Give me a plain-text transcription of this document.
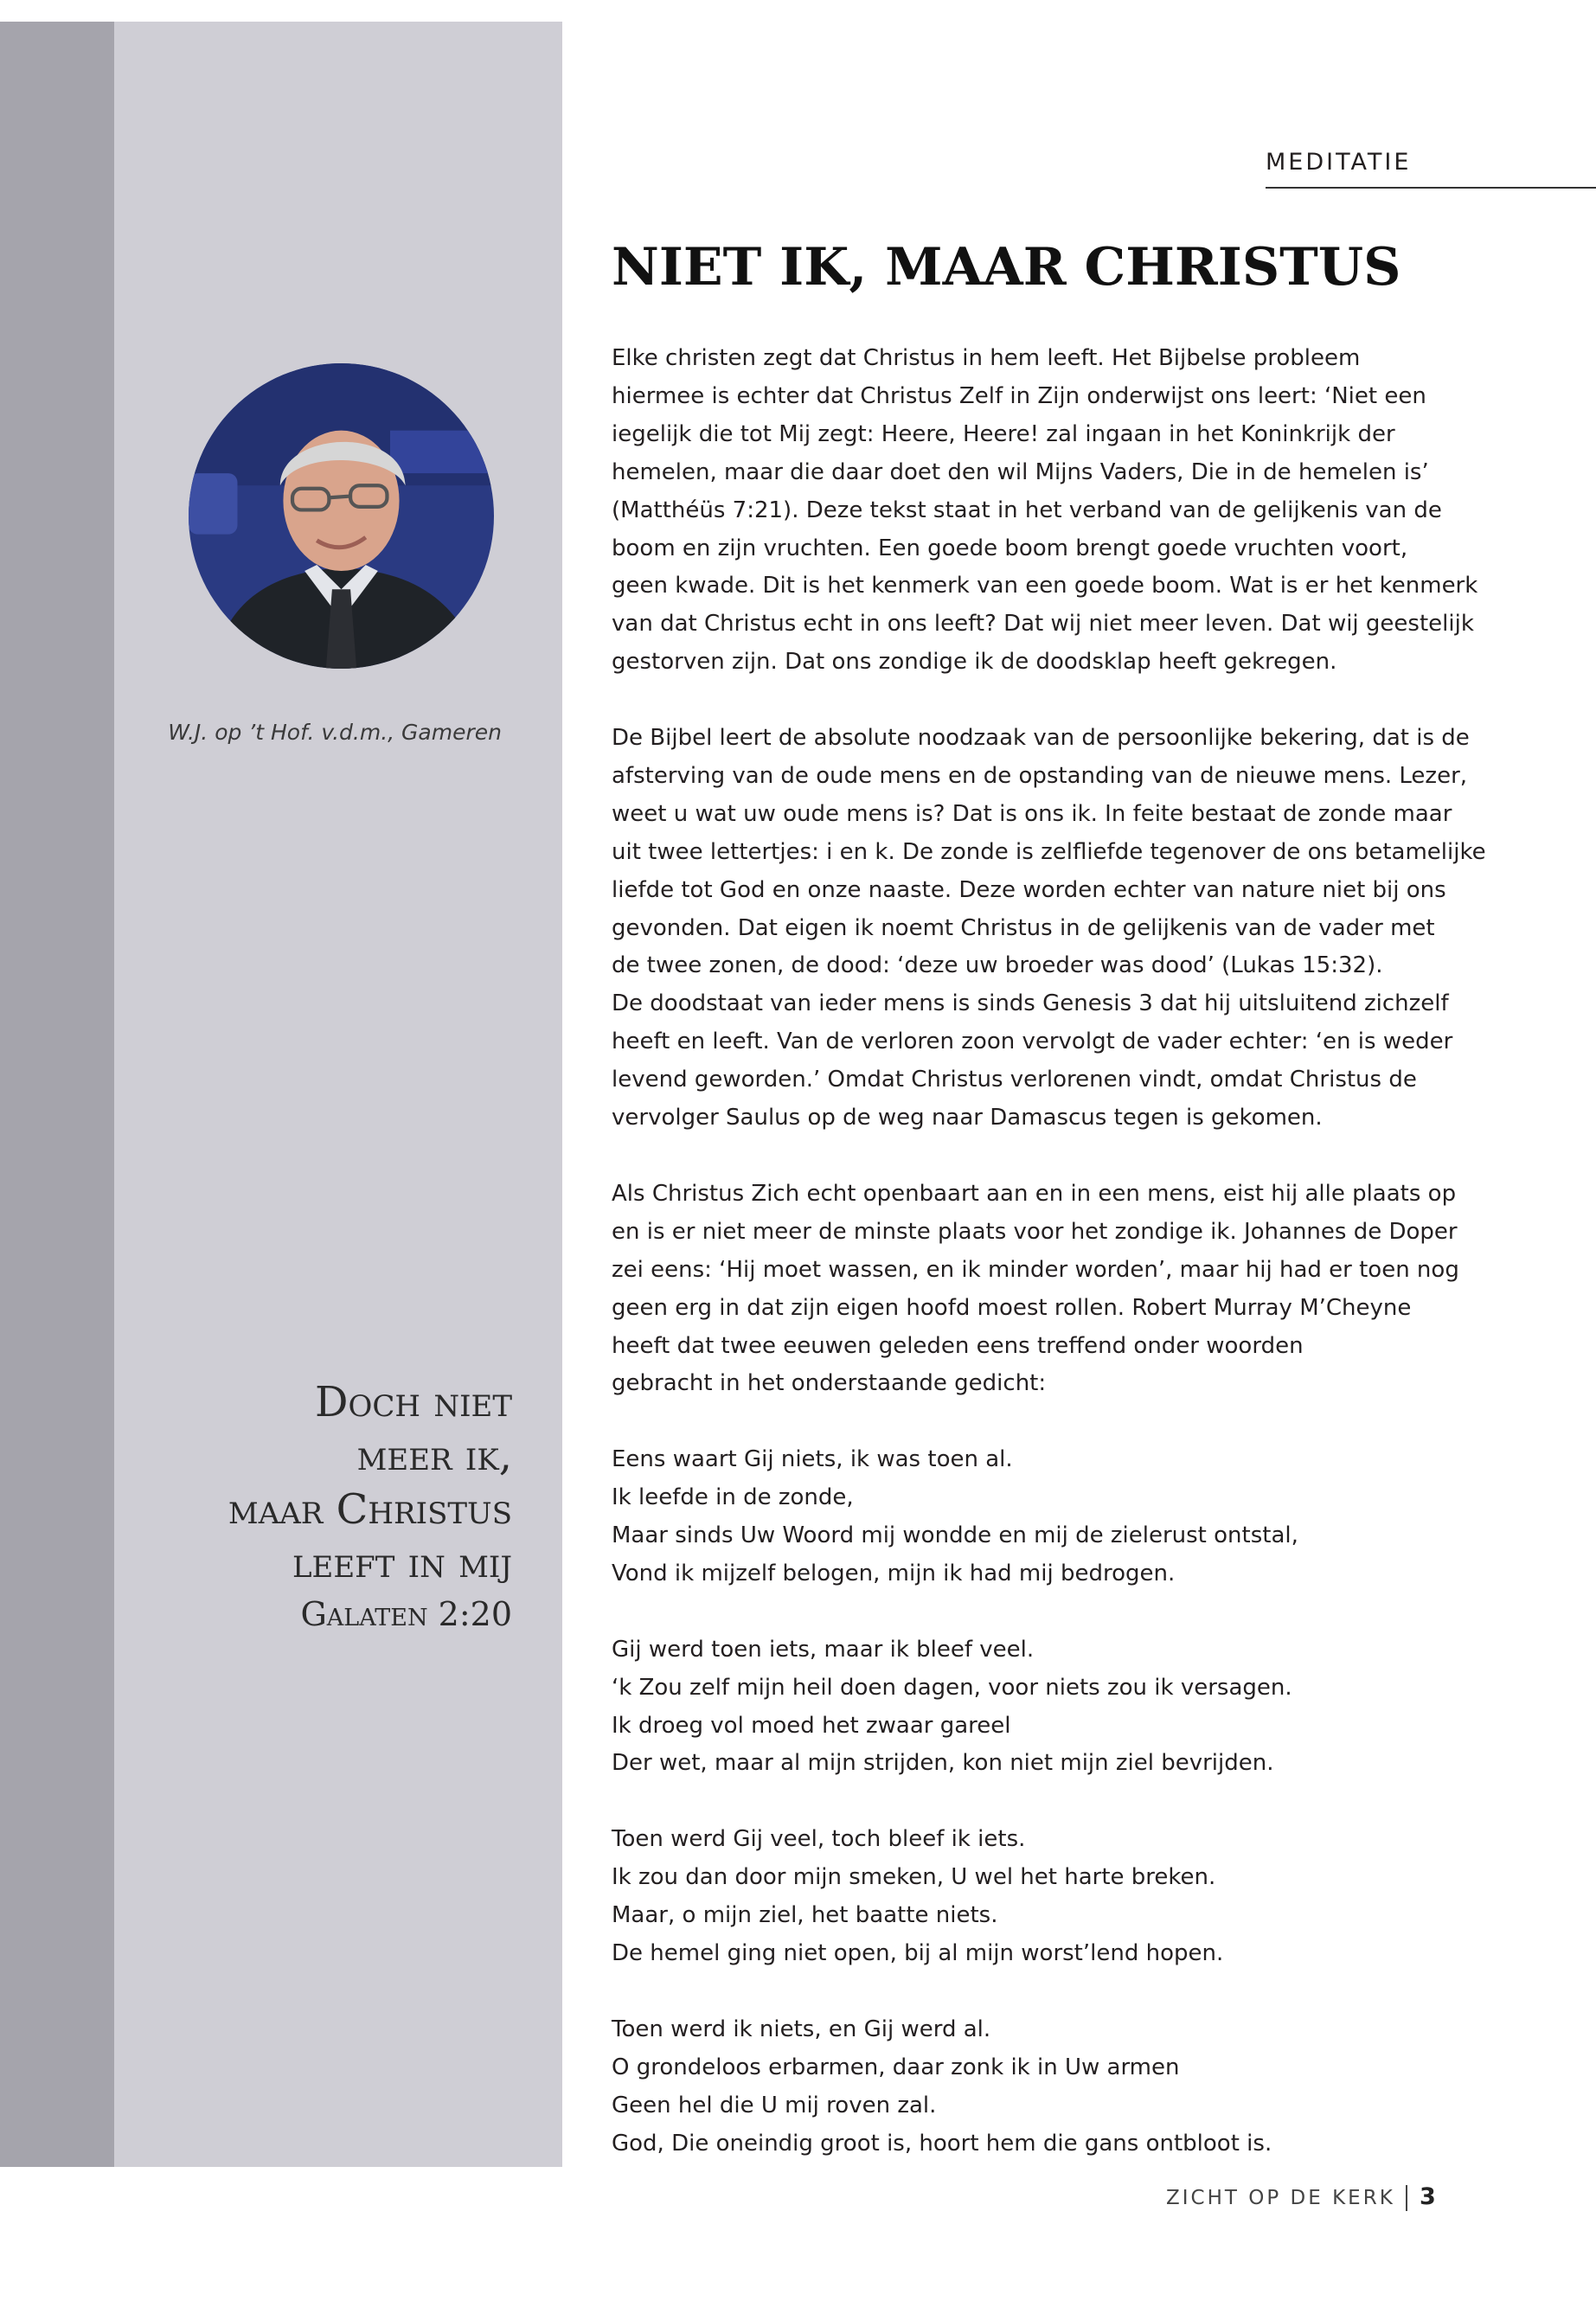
MEDITATIE
NIET IK, MAAR CHRISTUS
W.J. op ’t Hof. v.d.m., Gameren
Doch niet
meer ik,
maar Christus
leeft in mij
Galaten 2:20
Elke christen zegt dat Christus in hem leeft. Het Bijbelse probleem
hiermee is echter dat Christus Zelf in Zijn onderwijst ons leert: ‘Niet een
iegelijk die tot Mij zegt: Heere, Heere! zal ingaan in het Koninkrijk der
hemelen, maar die daar doet den wil Mijns Vaders, Die in de hemelen is’
(Matthéüs 7:21). Deze tekst staat in het verband van de gelijkenis van de
boom en zijn vruchten. Een goede boom brengt goede vruchten voort,
geen kwade. Dit is het kenmerk van een goede boom. Wat is er het kenmerk
van dat Christus echt in ons leeft? Dat wij niet meer leven. Dat wij geestelijk
gestorven zijn. Dat ons zondige ik de doodsklap heeft gekregen.
De Bijbel leert de absolute noodzaak van de persoonlijke bekering, dat is de
afsterving van de oude mens en de opstanding van de nieuwe mens. Lezer,
weet u wat uw oude mens is? Dat is ons ik. In feite bestaat de zonde maar
uit twee lettertjes: i en k. De zonde is zelfliefde tegenover de ons betamelijke
liefde tot God en onze naaste. Deze worden echter van nature niet bij ons
gevonden. Dat eigen ik noemt Christus in de gelijkenis van de vader met
de twee zonen, de dood: ‘deze uw broeder was dood’ (Lukas 15:32).
De doodstaat van ieder mens is sinds Genesis 3 dat hij uitsluitend zichzelf
heeft en leeft. Van de verloren zoon vervolgt de vader echter: ‘en is weder
levend geworden.’ Omdat Christus verlorenen vindt, omdat Christus de
vervolger Saulus op de weg naar Damascus tegen is gekomen.
Als Christus Zich echt openbaart aan en in een mens, eist hij alle plaats op
en is er niet meer de minste plaats voor het zondige ik. Johannes de Doper
zei eens: ‘Hij moet wassen, en ik minder worden’, maar hij had er toen nog
geen erg in dat zijn eigen hoofd moest rollen. Robert Murray M’Cheyne
heeft dat twee eeuwen geleden eens treffend onder woorden
gebracht in het onderstaande gedicht:
Eens waart Gij niets, ik was toen al.
Ik leefde in de zonde,
Maar sinds Uw Woord mij wondde en mij de zielerust ontstal,
Vond ik mijzelf belogen, mijn ik had mij bedrogen.
Gij werd toen iets, maar ik bleef veel.
‘k Zou zelf mijn heil doen dagen, voor niets zou ik versagen.
Ik droeg vol moed het zwaar gareel
Der wet, maar al mijn strijden, kon niet mijn ziel bevrijden.
Toen werd Gij veel, toch bleef ik iets.
Ik zou dan door mijn smeken, U wel het harte breken.
Maar, o mijn ziel, het baatte niets.
De hemel ging niet open, bij al mijn worst’lend hopen.
Toen werd ik niets, en Gij werd al.
O grondeloos erbarmen, daar zonk ik in Uw armen
Geen hel die U mij roven zal.
God, Die oneindig groot is, hoort hem die gans ontbloot is.
ZICHT OP DE KERK 3
